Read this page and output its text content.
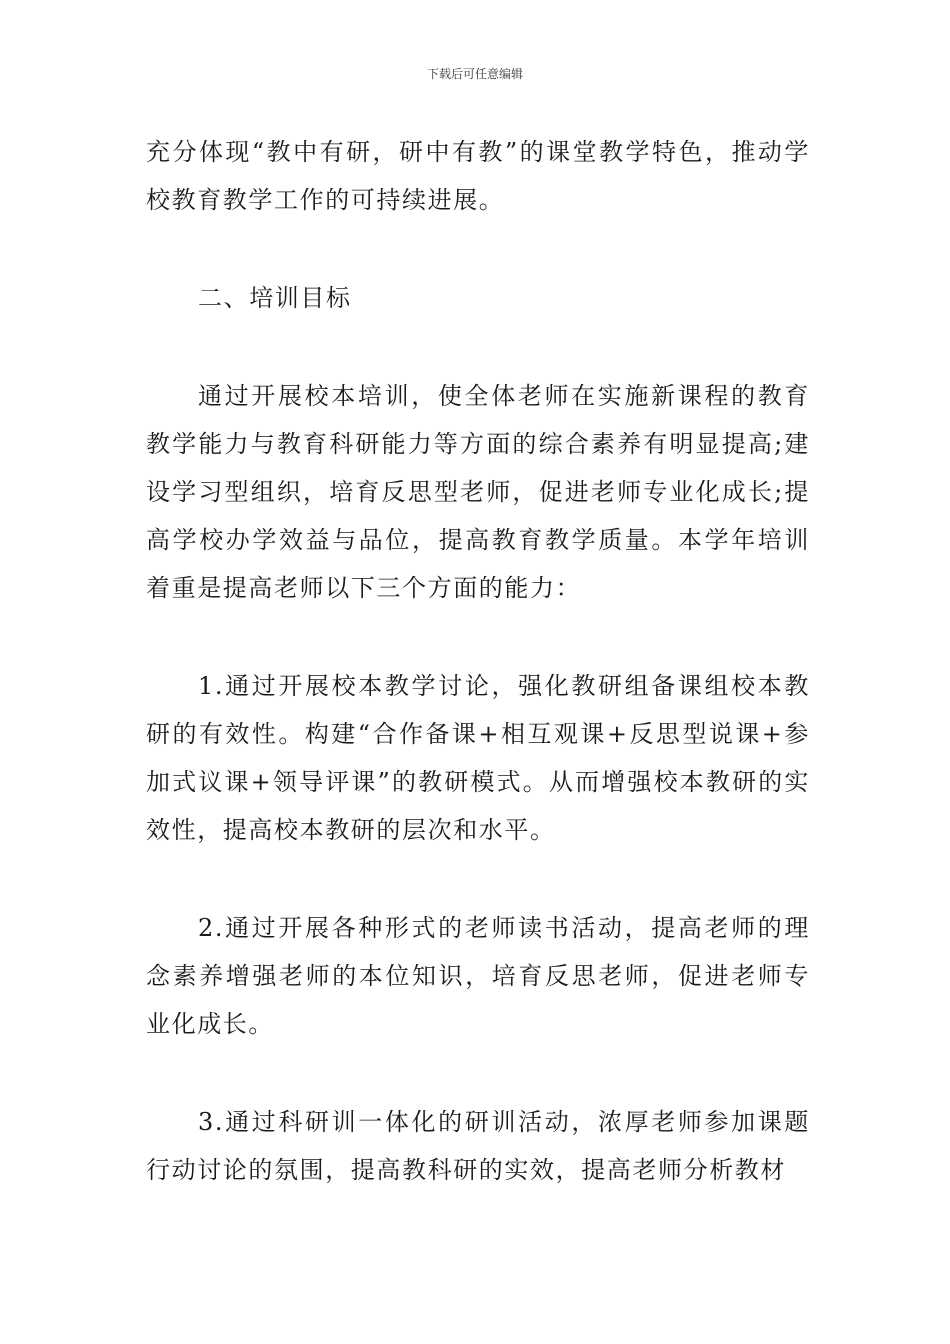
下载后可任意编辑

充分体现“教中有研，研中有教”的课堂教学特色，推动学校教育教学工作的可持续进展。

二、培训目标

通过开展校本培训，使全体老师在实施新课程的教育教学能力与教育科研能力等方面的综合素养有明显提高;建设学习型组织，培育反思型老师，促进老师专业化成长;提高学校办学效益与品位，提高教育教学质量。本学年培训着重是提高老师以下三个方面的能力：

1.通过开展校本教学讨论，强化教研组备课组校本教研的有效性。构建“合作备课+相互观课+反思型说课+参加式议课+领导评课”的教研模式。从而增强校本教研的实效性，提高校本教研的层次和水平。

2.通过开展各种形式的老师读书活动，提高老师的理念素养增强老师的本位知识，培育反思老师，促进老师专业化成长。

3.通过科研训一体化的研训活动，浓厚老师参加课题行动讨论的氛围，提高教科研的实效，提高老师分析教材
